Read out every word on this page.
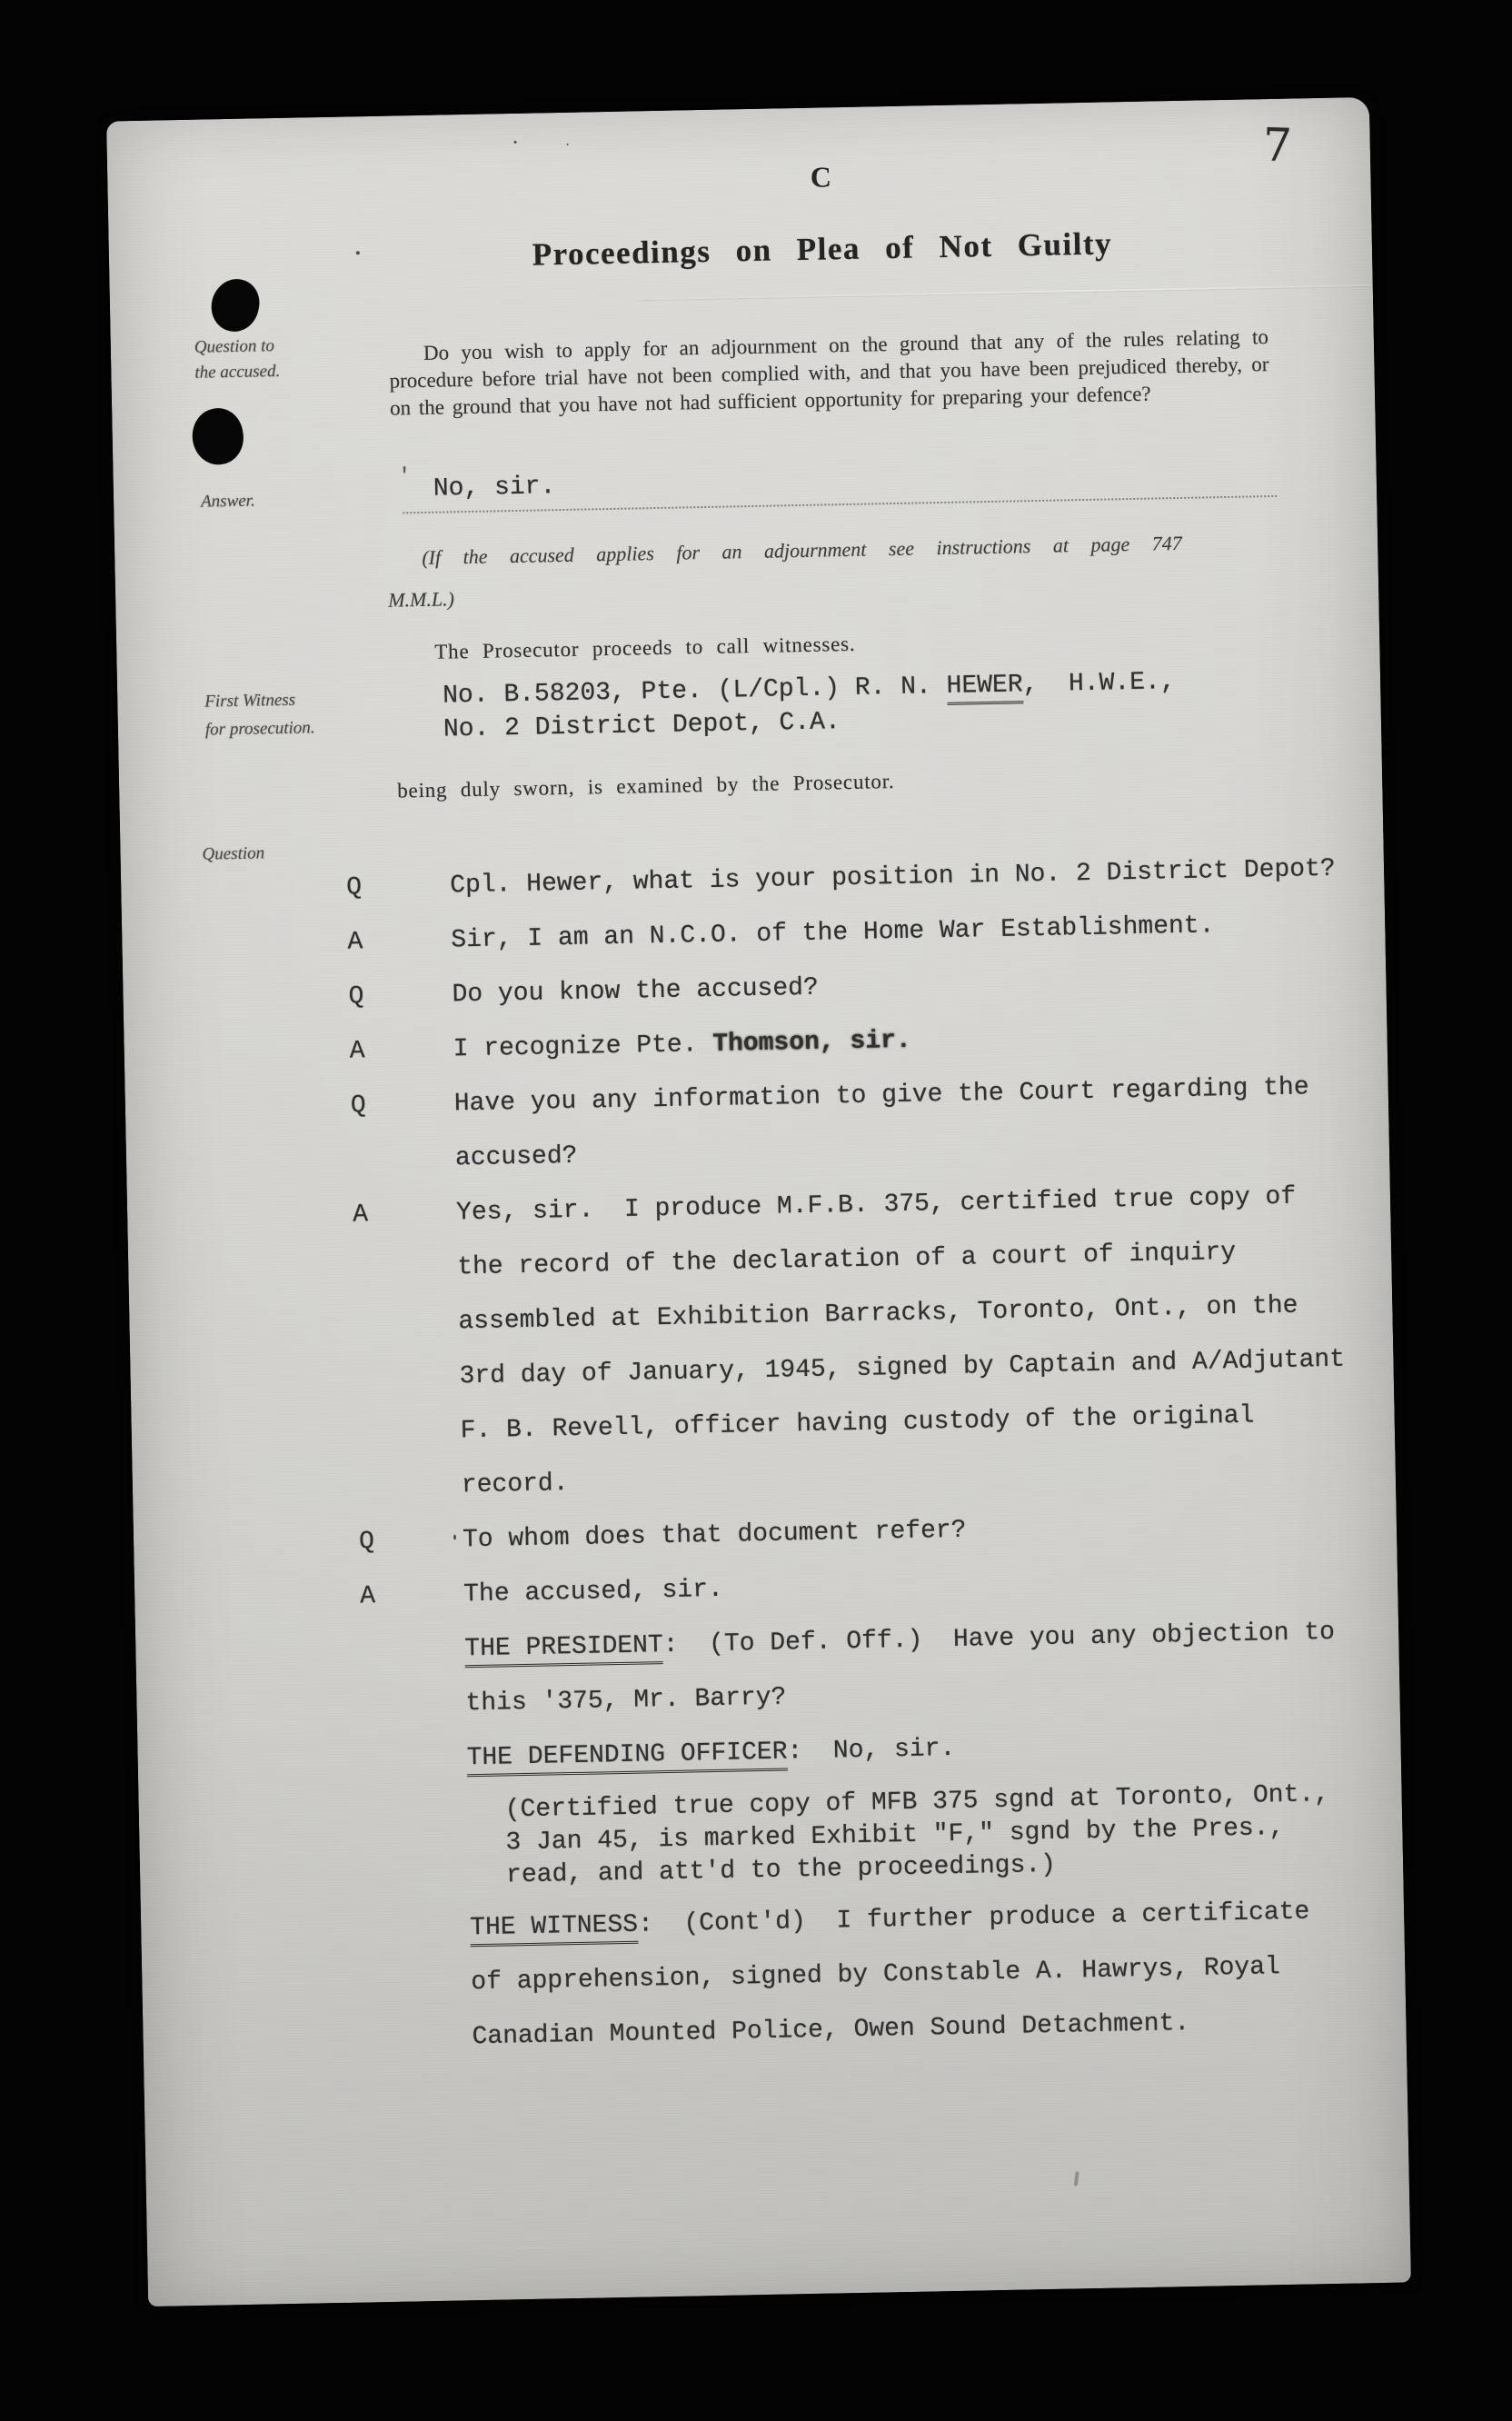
7
C
Proceedings on Plea of Not Guilty
Question to
the accused.
Do you wish to apply for an adjournment on the ground that any of the rules relating to procedure before trial have not been complied with, and that you have been prejudiced thereby, or on the ground that you have not had sufficient opportunity for preparing your defence?
Answer.
' No, sir.
(If the accused applies for an adjournment see instructions at page 747
M.M.L.)
The Prosecutor proceeds to call witnesses.
First Witness
for prosecution.
No. B.58203, Pte. (L/Cpl.) R. N. HEWER,  H.W.E.,
No. 2 District Depot, C.A.
being duly sworn, is examined by the Prosecutor.
Question
Q	Cpl. Hewer, what is your position in No. 2 District Depot?
A	Sir, I am an N.C.O. of the Home War Establishment.
Q	Do you know the accused?
A	I recognize Pte. Thomson, sir.
Q	Have you any information to give the Court regarding the
accused?
A	Yes, sir.  I produce M.F.B. 375, certified true copy of
the record of the declaration of a court of inquiry
assembled at Exhibition Barracks, Toronto, Ont., on the
3rd day of January, 1945, signed by Captain and A/Adjutant
F. B. Revell, officer having custody of the original
record.
Q	To whom does that document refer?
A	The accused, sir.
THE PRESIDENT:  (To Def. Off.)  Have you any objection to
this '375, Mr. Barry?
THE DEFENDING OFFICER:  No, sir.
(Certified true copy of MFB 375 sgnd at Toronto, Ont.,
3 Jan 45, is marked Exhibit "F," sgnd by the Pres.,
read, and att'd to the proceedings.)
THE WITNESS:  (Cont'd)  I further produce a certificate
of apprehension, signed by Constable A. Hawrys, Royal
Canadian Mounted Police, Owen Sound Detachment.
